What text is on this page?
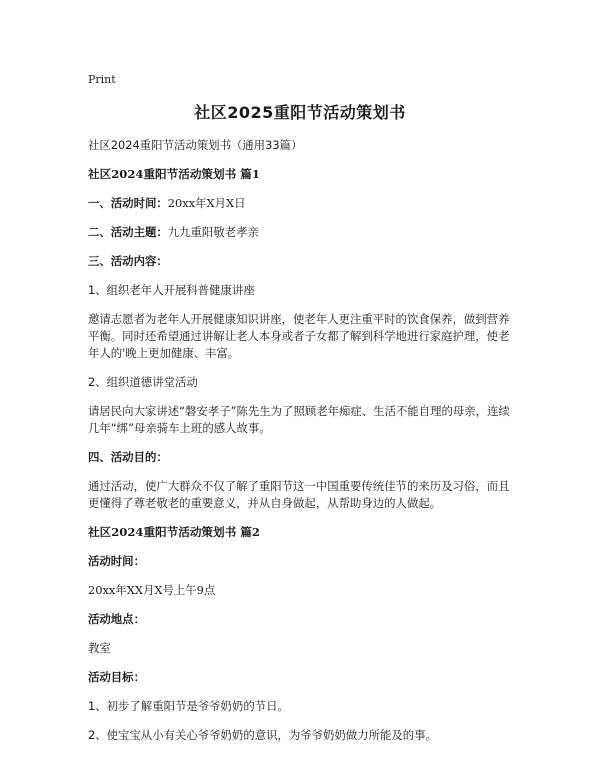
Print
社区2025重阳节活动策划书

社区2024重阳节活动策划书（通用33篇）

社区2024重阳节活动策划书 篇1

一、活动时间：20xx年X月X日

二、活动主题：九九重阳敬老孝亲

三、活动内容：

1、组织老年人开展科普健康讲座

邀请志愿者为老年人开展健康知识讲座，使老年人更注重平时的饮食保养，做到营养平衡。同时还希望通过讲解让老人本身或者子女都了解到科学地进行家庭护理，使老年人的'晚上更加健康、丰富。

2、组织道德讲堂活动

请居民向大家讲述“磐安孝子”陈先生为了照顾老年痴症、生活不能自理的母亲，连续几年“绑”母亲骑车上班的感人故事。

四、活动目的：

通过活动，使广大群众不仅了解了重阳节这一中国重要传统佳节的来历及习俗，而且更懂得了尊老敬老的重要意义，并从自身做起，从帮助身边的人做起。

社区2024重阳节活动策划书 篇2

活动时间：

20xx年XX月X号上午9点

活动地点：

教室

活动目标：

1、初步了解重阳节是爷爷奶奶的节日。

2、使宝宝从小有关心爷爷奶奶的意识，为爷爷奶奶做力所能及的事。
